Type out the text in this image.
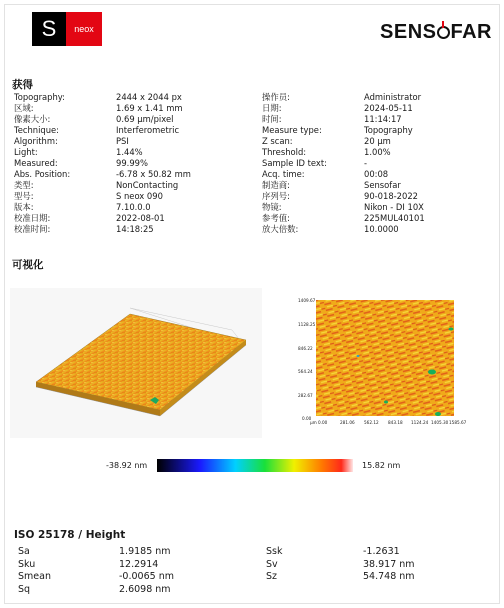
S neox	SENS FAR
获得
Topography:	2444 x 2044 px	操作员:	Administrator
区域:	1.69 x 1.41 mm	日期:	2024-05-11
像素大小:	0.69 µm/pixel	时间:	11:14:17
Technique:	Interferometric	Measure type:	Topography
Algorithm:	PSI	Z scan:	20 µm
Light:	1.44%	Threshold:	1.00%
Measured:	99.99%	Sample ID text:	-
Abs. Position:	-6.78 x 50.82 mm	Acq. time:	00:08
类型:	NonContacting	制造商:	Sensofar
型号:	S neox 090	序列号:	90-018-2022
版本:	7.10.0.0	物镜:	Nikon - DI 10X
校准日期:	2022-08-01	参考值:	225MUL40101
校准时间:	14:18:25	放大倍数:	10.0000
可视化
1409.67
1128.25
846.22
564.24
282.67
0.00
µm 0.00	281.06 562.12 843.18 1124.24 1405.30 1585.67
-38.92 nm	15.82 nm
ISO 25178 / Height
Sa	1.9185 nm	Ssk	-1.2631
Sku	12.2914	Sv	38.917 nm
Smean	-0.0065 nm	Sz	54.748 nm
Sq	2.6098 nm
